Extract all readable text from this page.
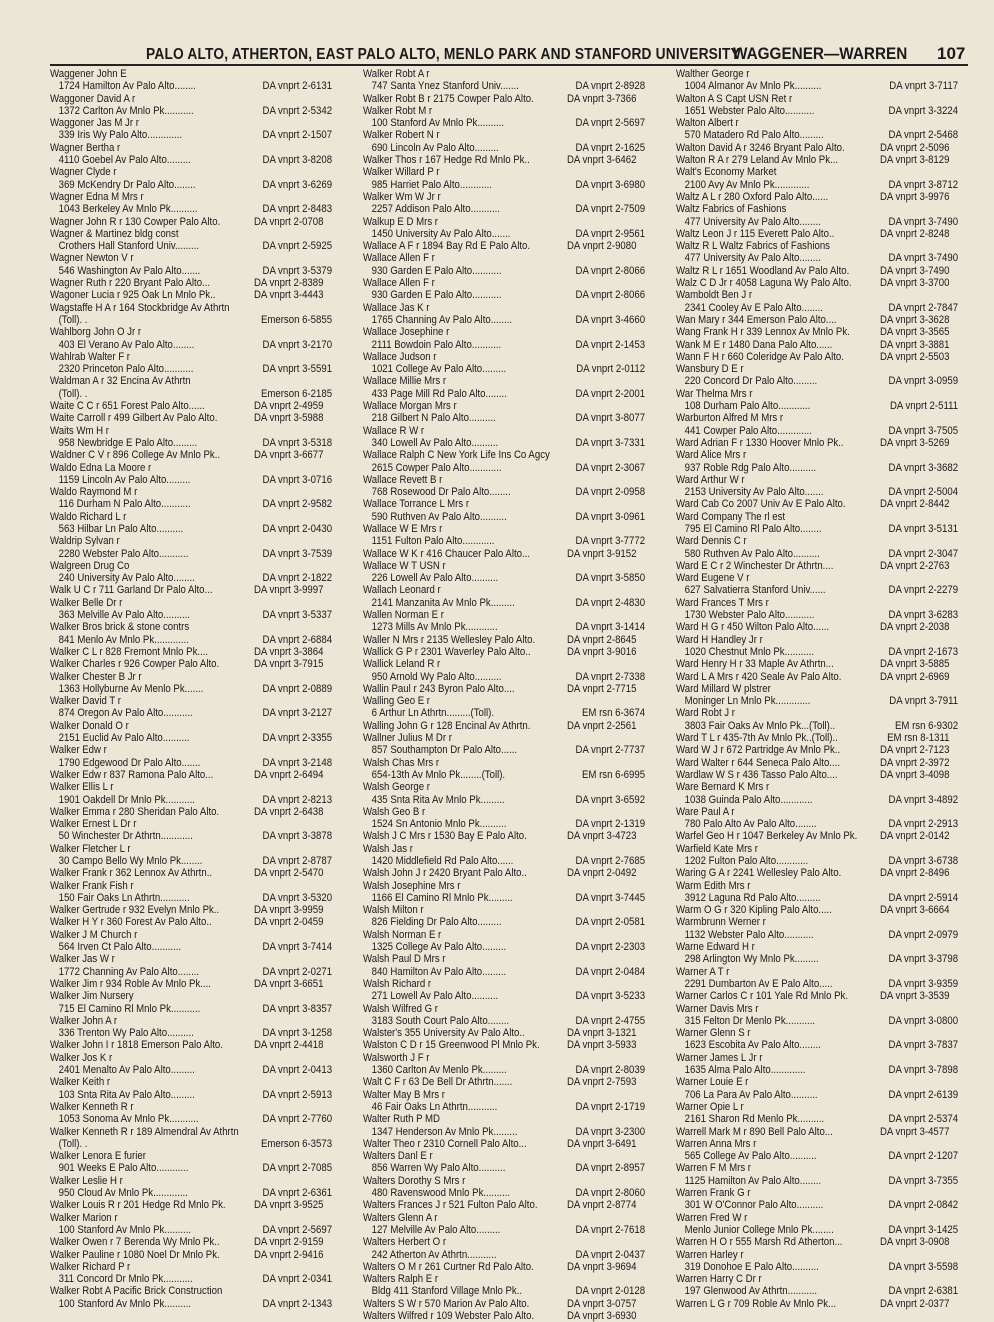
PALO ALTO, ATHERTON, EAST PALO ALTO, MENLO PARK AND STANFORD UNIVERSITY
WAGGENER—WARREN 107
Waggener John E
DA vnprt 2-6131
1724 Hamilton Av Palo Alto........
Waggoner David A r
DA vnprt 2-5342
1372 Carlton Av Mnlo Pk...........
Waggoner Jas M Jr r
DA vnprt 2-1507
339 Iris Wy Palo Alto.............
Wagner Bertha r
DA vnprt 3-8208
4110 Goebel Av Palo Alto.........
Wagner Clyde r
DA vnprt 3-6269
369 McKendry Dr Palo Alto........
Wagner Edna M Mrs r
DA vnprt 2-8483
1043 Berkeley Av Mnlo Pk..........
DA vnprt 2-0708
Wagner John R r 130 Cowper Palo Alto.
Wagner & Martinez bldg const
DA vnprt 2-5925
Crothers Hall Stanford Univ.........
Wagner Newton V r
DA vnprt 3-5379
546 Washington Av Palo Alto.......
DA vnprt 2-8389
Wagner Ruth r 220 Bryant Palo Alto...
DA vnprt 3-4443
Wagoner Lucia r 925 Oak Ln Mnlo Pk..
Wagstaffe H A r 164 Stockbridge Av Athrtn
Emerson 6-5855
(Toll). .
Wahlborg John O Jr r
DA vnprt 3-2170
403 El Verano Av Palo Alto........
Wahlrab Walter F r
DA vnprt 3-5591
2320 Princeton Palo Alto...........
Waldman A r 32 Encina Av Athrtn
Emerson 6-2185
(Toll). .
DA vnprt 2-4959
Waite C C r 651 Forest Palo Alto......
DA vnprt 3-5988
Waite Carroll r 499 Gilbert Av Palo Alto.
Waits Wm H r
DA vnprt 3-5318
958 Newbridge E Palo Alto.........
DA vnprt 3-6677
Waldner C V r 896 College Av Mnlo Pk..
Waldo Edna La Moore r
DA vnprt 3-0716
1159 Lincoln Av Palo Alto.........
Waldo Raymond M r
DA vnprt 2-9582
116 Durham N Palo Alto...........
Waldo Richard L r
DA vnprt 2-0430
563 Hilbar Ln Palo Alto..........
Waldrip Sylvan r
DA vnprt 3-7539
2280 Webster Palo Alto...........
Walgreen Drug Co
DA vnprt 2-1822
240 University Av Palo Alto........
DA vnprt 3-9997
Walk U C r 711 Garland Dr Palo Alto...
Walker Belle Dr r
DA vnprt 3-5337
363 Melville Av Palo Alto..........
Walker Bros brick & stone contrs
DA vnprt 2-6884
841 Menlo Av Mnlo Pk.............
DA vnprt 3-3864
Walker C L r 828 Fremont Mnlo Pk....
DA vnprt 3-7915
Walker Charles r 926 Cowper Palo Alto.
Walker Chester B Jr r
DA vnprt 2-0889
1363 Hollyburne Av Menlo Pk.......
Walker David T r
DA vnprt 3-2127
874 Oregon Av Palo Alto...........
Walker Donald O r
DA vnprt 2-3355
2151 Euclid Av Palo Alto..........
Walker Edw r
DA vnprt 3-2148
1790 Edgewood Dr Palo Alto.......
DA vnprt 2-6494
Walker Edw r 837 Ramona Palo Alto...
Walker Ellis L r
DA vnprt 2-8213
1901 Oakdell Dr Mnlo Pk...........
DA vnprt 2-6438
Walker Emma r 280 Sheridan Palo Alto.
Walker Ernest L Dr r
DA vnprt 3-3878
50 Winchester Dr Athrtn............
Walker Fletcher L r
DA vnprt 2-8787
30 Campo Bello Wy Mnlo Pk........
DA vnprt 2-5470
Walker Frank r 362 Lennox Av Athrtn..
Walker Frank Fish r
DA vnprt 3-5320
150 Fair Oaks Ln Athrtn...........
DA vnprt 3-9959
Walker Gertrude r 932 Evelyn Mnlo Pk..
DA vnprt 2-0459
Walker H Y r 360 Forest Av Palo Alto..
Walker J M Church r
DA vnprt 3-7414
564 Irven Ct Palo Alto...........
Walker Jas W r
DA vnprt 2-0271
1772 Channing Av Palo Alto........
DA vnprt 3-6651
Walker Jim r 934 Roble Av Mnlo Pk....
Walker Jim Nursery
DA vnprt 3-8357
715 El Camino Rl Mnlo Pk...........
Walker John A r
DA vnprt 3-1258
336 Trenton Wy Palo Alto..........
DA vnprt 2-4418
Walker John I r 1818 Emerson Palo Alto.
Walker Jos K r
DA vnprt 2-0413
2401 Menalto Av Palo Alto.........
Walker Keith r
DA vnprt 2-5913
103 Snta Rita Av Palo Alto.........
Walker Kenneth R r
DA vnprt 2-7760
1053 Sonoma Av Mnlo Pk...........
Walker Kenneth R r 189 Almendral Av Athrtn
Emerson 6-3573
(Toll). .
Walker Lenora E furier
DA vnprt 2-7085
901 Weeks E Palo Alto............
Walker Leslie H r
DA vnprt 2-6361
950 Cloud Av Mnlo Pk.............
DA vnprt 3-9525
Walker Louis R r 201 Hedge Rd Mnlo Pk.
Walker Marion r
DA vnprt 2-5697
100 Stanford Av Mnlo Pk..........
DA vnprt 2-9159
Walker Owen r 7 Berenda Wy Mnlo Pk..
DA vnprt 2-9416
Walker Pauline r 1080 Noel Dr Mnlo Pk.
Walker Richard P r
DA vnprt 2-0341
311 Concord Dr Mnlo Pk...........
Walker Robt A Pacific Brick Construction
DA vnprt 2-1343
100 Stanford Av Mnlo Pk..........
Walker Robt A r
DA vnprt 2-8928
747 Santa Ynez Stanford Univ.......
DA vnprt 3-7366
Walker Robt B r 2175 Cowper Palo Alto.
Walker Robt M r
DA vnprt 2-5697
100 Stanford Av Mnlo Pk..........
Walker Robert N r
DA vnprt 2-1625
690 Lincoln Av Palo Alto.........
DA vnprt 3-6462
Walker Thos r 167 Hedge Rd Mnlo Pk..
Walker Willard P r
DA vnprt 3-6980
985 Harriet Palo Alto............
Walker Wm W Jr r
DA vnprt 2-7509
2257 Addison Palo Alto...........
Walkup E D Mrs r
DA vnprt 2-9561
1450 University Av Palo Alto.......
DA vnprt 2-9080
Wallace A F r 1894 Bay Rd E Palo Alto.
Wallace Allen F r
DA vnprt 2-8066
930 Garden E Palo Alto...........
Wallace Allen F r
DA vnprt 2-8066
930 Garden E Palo Alto...........
Wallace Jas K r
DA vnprt 3-4660
1765 Channing Av Palo Alto........
Wallace Josephine r
DA vnprt 2-1453
2111 Bowdoin Palo Alto...........
Wallace Judson r
DA vnprt 2-0112
1021 College Av Palo Alto.........
Wallace Millie Mrs r
DA vnprt 2-2001
433 Page Mill Rd Palo Alto........
Wallace Morgan Mrs r
DA vnprt 3-8077
218 Gilbert N Palo Alto..........
Wallace R W r
DA vnprt 3-7331
340 Lowell Av Palo Alto..........
Wallace Ralph C New York Life Ins Co Agcy
DA vnprt 2-3067
2615 Cowper Palo Alto............
Wallace Revett B r
DA vnprt 2-0958
768 Rosewood Dr Palo Alto........
Wallace Torrance L Mrs r
DA vnprt 3-0961
590 Ruthven Av Palo Alto..........
Wallace W E Mrs r
DA vnprt 3-7772
1151 Fulton Palo Alto............
DA vnprt 3-9152
Wallace W K r 416 Chaucer Palo Alto...
Wallace W T USN r
DA vnprt 3-5850
226 Lowell Av Palo Alto..........
Wallach Leonard r
DA vnprt 2-4830
2141 Manzanita Av Mnlo Pk.........
Wallen Norman E r
DA vnprt 3-1414
1273 Mills Av Mnlo Pk............
DA vnprt 2-8645
Waller N Mrs r 2135 Wellesley Palo Alto.
DA vnprt 3-9016
Wallick G P r 2301 Waverley Palo Alto..
Wallick Leland R r
DA vnprt 2-7338
950 Arnold Wy Palo Alto..........
DA vnprt 2-7715
Wallin Paul r 243 Byron Palo Alto....
Walling Geo E r
EM rsn 6-3674
6 Arthur Ln Athrtn.........(Toll).
DA vnprt 2-2561
Walling John G r 128 Encinal Av Athrtn.
Wallner Julius M Dr r
DA vnprt 2-7737
857 Southampton Dr Palo Alto......
Walsh Chas Mrs r
EM rsn 6-6995
654-13th Av Mnlo Pk........(Toll).
Walsh George r
DA vnprt 3-6592
435 Snta Rita Av Mnlo Pk.........
Walsh Geo B r
DA vnprt 2-1319
1524 Sn Antonio Mnlo Pk..........
DA vnprt 3-4723
Walsh J C Mrs r 1530 Bay E Palo Alto.
Walsh Jas r
DA vnprt 2-7685
1420 Middlefield Rd Palo Alto......
DA vnprt 2-0492
Walsh John J r 2420 Bryant Palo Alto..
Walsh Josephine Mrs r
DA vnprt 3-7445
1166 El Camino Rl Mnlo Pk.........
Walsh Milton r
DA vnprt 2-0581
826 Fielding Dr Palo Alto.........
Walsh Norman E r
DA vnprt 2-2303
1325 College Av Palo Alto.........
Walsh Paul D Mrs r
DA vnprt 2-0484
840 Hamilton Av Palo Alto.........
Walsh Richard r
DA vnprt 3-5233
271 Lowell Av Palo Alto..........
Walsh Wilfred G r
DA vnprt 2-4755
3183 South Court Palo Alto........
DA vnprt 3-1321
Walster's 355 University Av Palo Alto..
DA vnprt 3-5933
Walston C D r 15 Greenwood Pl Mnlo Pk.
Walsworth J F r
DA vnprt 2-8039
1360 Carlton Av Menlo Pk.........
DA vnprt 2-7593
Walt C F r 63 De Bell Dr Athrtn.......
Walter May B Mrs r
DA vnprt 2-1719
46 Fair Oaks Ln Athrtn...........
Walter Ruth P MD
DA vnprt 3-2300
1347 Henderson Av Mnlo Pk.........
DA vnprt 3-6491
Walter Theo r 2310 Cornell Palo Alto...
Walters Danl E r
DA vnprt 2-8957
856 Warren Wy Palo Alto..........
Walters Dorothy S Mrs r
DA vnprt 2-8060
480 Ravenswood Mnlo Pk..........
DA vnprt 2-8774
Walters Frances J r 521 Fulton Palo Alto.
Walters Glenn A r
DA vnprt 2-7618
127 Melville Av Palo Alto.........
Walters Herbert O r
DA vnprt 2-0437
242 Atherton Av Athrtn...........
DA vnprt 3-9694
Walters O M r 261 Curtner Rd Palo Alto.
Walters Ralph E r
DA vnprt 2-0128
Bldg 411 Stanford Village Mnlo Pk..
DA vnprt 3-0757
Walters S W r 570 Marion Av Palo Alto.
DA vnprt 3-6930
Walters Wilfred r 109 Webster Palo Alto.
Walther George r
DA vnprt 3-7117
1004 Almanor Av Mnlo Pk..........
Walton A S Capt USN Ret r
DA vnprt 3-3224
1651 Webster Palo Alto...........
Walton Albert r
DA vnprt 2-5468
570 Matadero Rd Palo Alto.........
DA vnprt 2-5096
Walton David A r 3246 Bryant Palo Alto.
DA vnprt 3-8129
Walton R A r 279 Leland Av Mnlo Pk...
Walt's Economy Market
DA vnprt 3-8712
2100 Avy Av Mnlo Pk.............
DA vnprt 3-9976
Waltz A L r 280 Oxford Palo Alto......
Waltz Fabrics of Fashions
DA vnprt 3-7490
477 University Av Palo Alto........
DA vnprt 2-8248
Waltz Leon J r 115 Everett Palo Alto..
Waltz R L Waltz Fabrics of Fashions
DA vnprt 3-7490
477 University Av Palo Alto........
DA vnprt 3-7490
Waltz R L r 1651 Woodland Av Palo Alto.
DA vnprt 3-3700
Walz C D Jr r 4058 Laguna Wy Palo Alto.
Wamboldt Ben J r
DA vnprt 2-7847
2341 Cooley Av E Palo Alto........
DA vnprt 3-3628
Wan Mary r 344 Emerson Palo Alto....
DA vnprt 3-3565
Wang Frank H r 339 Lennox Av Mnlo Pk.
DA vnprt 3-3881
Wank M E r 1480 Dana Palo Alto......
DA vnprt 2-5503
Wann F H r 660 Coleridge Av Palo Alto.
Wansbury D E r
DA vnprt 3-0959
220 Concord Dr Palo Alto.........
War Thelma Mrs r
DA vnprt 2-5111
108 Durham Palo Alto............
Warburton Alfred M Mrs r
DA vnprt 3-7505
441 Cowper Palo Alto.............
DA vnprt 3-5269
Ward Adrian F r 1330 Hoover Mnlo Pk..
Ward Alice Mrs r
DA vnprt 3-3682
937 Roble Rdg Palo Alto..........
Ward Arthur W r
DA vnprt 2-5004
2153 University Av Palo Alto.......
DA vnprt 2-8442
Ward Cab Co 2007 Univ Av E Palo Alto.
Ward Company The rl est
DA vnprt 3-5131
795 El Camino Rl Palo Alto........
Ward Dennis C r
DA vnprt 2-3047
580 Ruthven Av Palo Alto..........
DA vnprt 2-2763
Ward E C r 2 Winchester Dr Athrtn....
Ward Eugene V r
DA vnprt 2-2279
627 Salvatierra Stanford Univ......
Ward Frances T Mrs r
DA vnprt 3-6283
1730 Webster Palo Alto...........
DA vnprt 2-2038
Ward H G r 450 Wilton Palo Alto......
Ward H Handley Jr r
DA vnprt 2-1673
1020 Chestnut Mnlo Pk...........
DA vnprt 3-5885
Ward Henry H r 33 Maple Av Athrtn...
DA vnprt 2-6969
Ward L A Mrs r 420 Seale Av Palo Alto.
Ward Millard W plstrer
DA vnprt 3-7911
Moninger Ln Mnlo Pk.............
Ward Robt J r
EM rsn 6-9302
3803 Fair Oaks Av Mnlo Pk...(Toll)..
EM rsn 8-1311
Ward T L r 435-7th Av Mnlo Pk..(Toll)..
DA vnprt 2-7123
Ward W J r 672 Partridge Av Mnlo Pk..
DA vnprt 2-3972
Ward Walter r 644 Seneca Palo Alto....
DA vnprt 3-4098
Wardlaw W S r 436 Tasso Palo Alto....
Ware Bernard K Mrs r
DA vnprt 3-4892
1038 Guinda Palo Alto............
Ware Paul A r
DA vnprt 2-2913
780 Palo Alto Av Palo Alto........
DA vnprt 2-0142
Warfel Geo H r 1047 Berkeley Av Mnlo Pk.
Warfield Kate Mrs r
DA vnprt 3-6738
1202 Fulton Palo Alto............
DA vnprt 2-8496
Waring G A r 2241 Wellesley Palo Alto.
Warm Edith Mrs r
DA vnprt 2-5914
3912 Laguna Rd Palo Alto.........
DA vnprt 3-6664
Warm O G r 320 Kipling Palo Alto.....
Warmbrunn Werner r
DA vnprt 2-0979
1132 Webster Palo Alto...........
Warne Edward H r
DA vnprt 3-3798
298 Arlington Wy Mnlo Pk.........
Warner A T r
DA vnprt 3-9359
2291 Dumbarton Av E Palo Alto.....
DA vnprt 3-3539
Warner Carlos C r 101 Yale Rd Mnlo Pk.
Warner Davis Mrs r
DA vnprt 3-0800
315 Felton Dr Menlo Pk...........
Warner Glenn S r
DA vnprt 3-7837
1623 Escobita Av Palo Alto........
Warner James L Jr r
DA vnprt 3-7898
1635 Alma Palo Alto.............
Warner Louie E r
DA vnprt 2-6139
706 La Para Av Palo Alto..........
Warner Opie L r
DA vnprt 2-5374
2161 Sharon Rd Menlo Pk..........
DA vnprt 3-4577
Warrell Mark M r 890 Bell Palo Alto...
Warren Anna Mrs r
DA vnprt 2-1207
565 College Av Palo Alto..........
Warren F M Mrs r
DA vnprt 3-7355
1125 Hamilton Av Palo Alto........
Warren Frank G r
DA vnprt 2-0842
301 W O'Connor Palo Alto..........
Warren Fred W r
DA vnprt 3-1425
Menlo Junior College Mnlo Pk........
DA vnprt 3-0908
Warren H O r 555 Marsh Rd Atherton...
Warren Harley r
DA vnprt 3-5598
319 Donohoe E Palo Alto..........
Warren Harry C Dr r
DA vnprt 2-6381
197 Glenwood Av Athrtn...........
DA vnprt 2-0377
Warren L G r 709 Roble Av Mnlo Pk...
